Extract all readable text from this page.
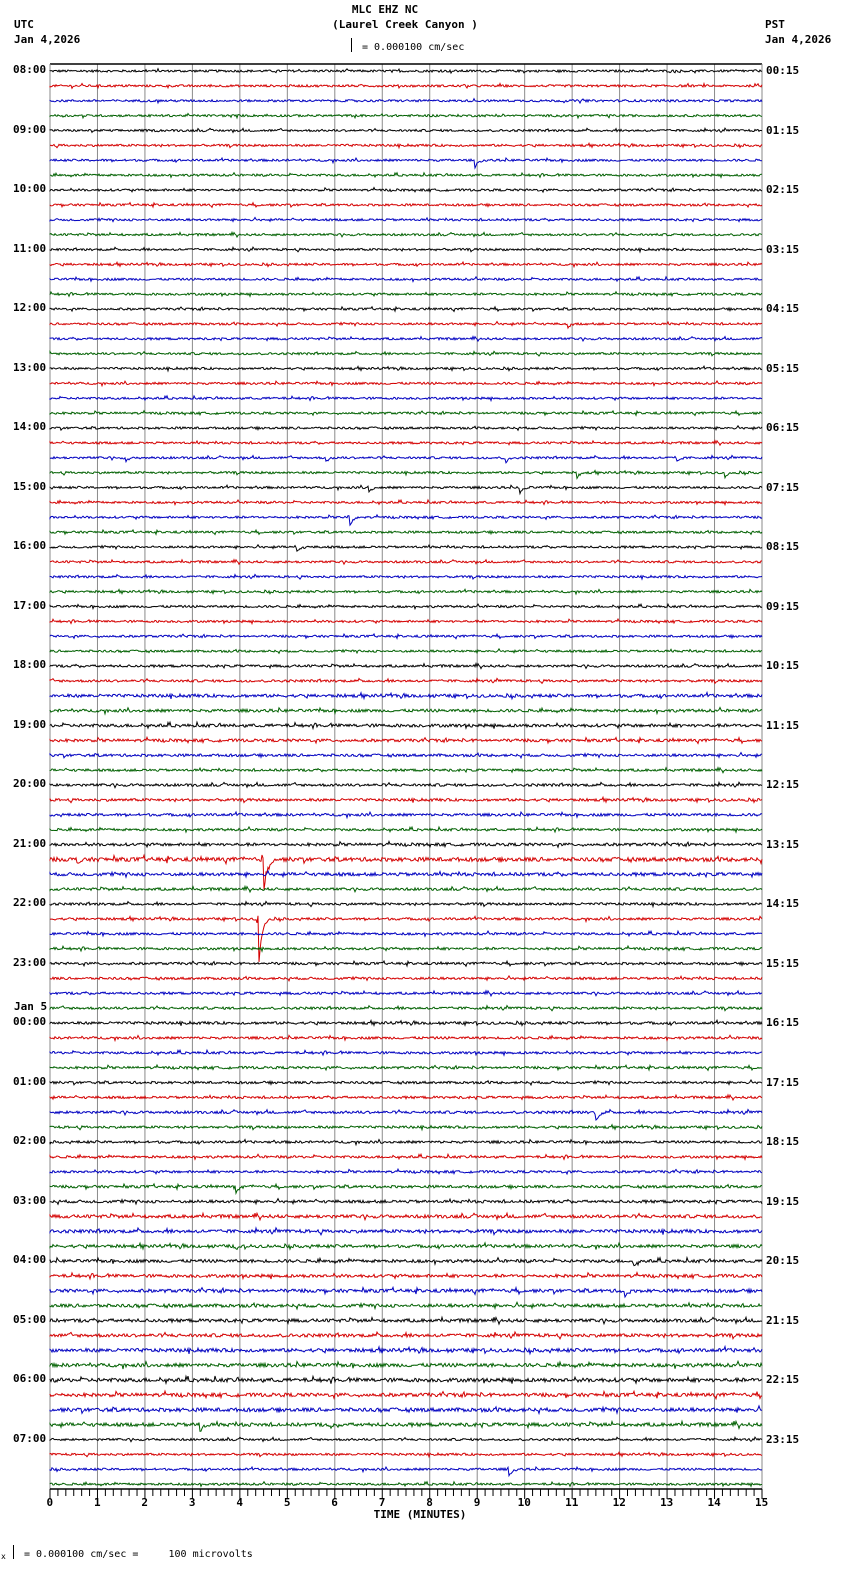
MLC EHZ NC
(Laurel Creek Canyon )
UTC
Jan 4,2026
PST
Jan 4,2026
= 0.000100 cm/sec
0	1	2	3	4	5	6	7	8	9	10	11	12	13	14	15
08:00
09:00
10:00
11:00
12:00
13:00
14:00
15:00
16:00
17:00
18:00
19:00
20:00
21:00
22:00
23:00
00:00
Jan 5
01:00
02:00
03:00
04:00
05:00
06:00
07:00
00:15
01:15
02:15
03:15
04:15
05:15
06:15
07:15
08:15
09:15
10:15
11:15
12:15
13:15
14:15
15:15
16:15
17:15
18:15
19:15
20:15
21:15
22:15
23:15
TIME (MINUTES)
x = 0.000100 cm/sec =     100 microvolts
